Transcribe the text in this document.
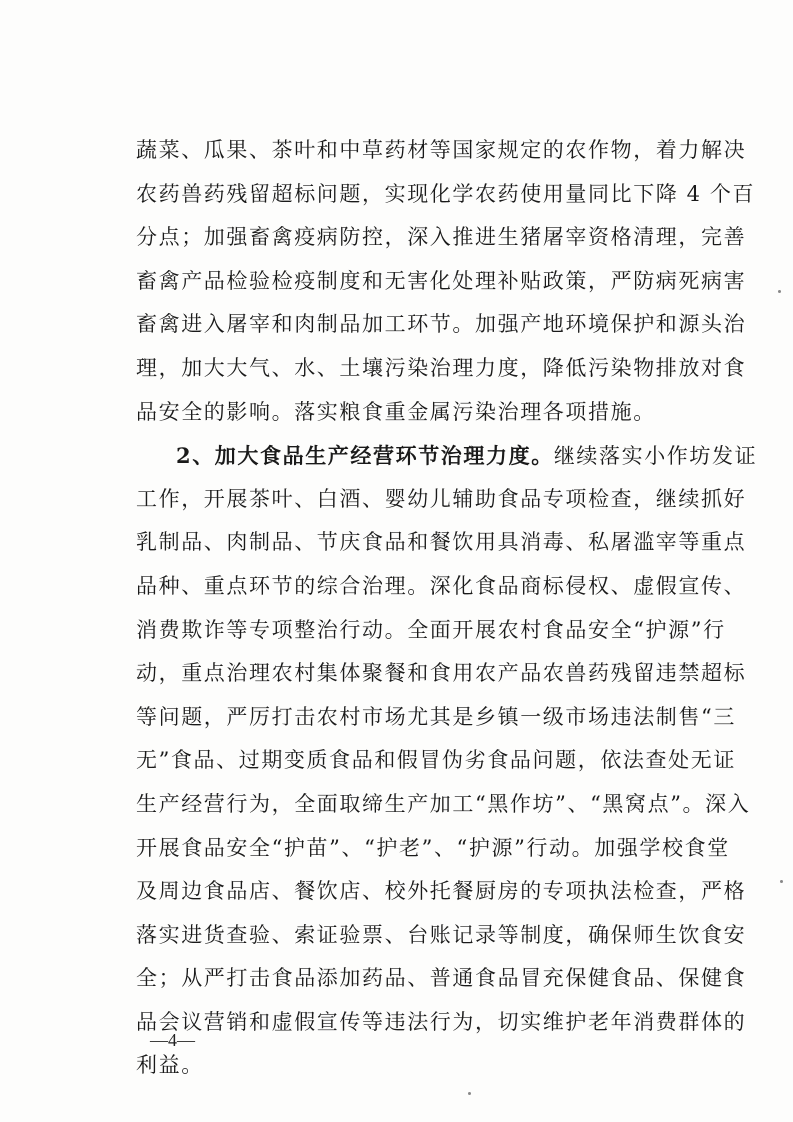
蔬菜、瓜果、茶叶和中草药材等国家规定的农作物，着力解决
农药兽药残留超标问题，实现化学农药使用量同比下降 4 个百
分点；加强畜禽疫病防控，深入推进生猪屠宰资格清理，完善
畜禽产品检验检疫制度和无害化处理补贴政策，严防病死病害
畜禽进入屠宰和肉制品加工环节。加强产地环境保护和源头治
理，加大大气、水、土壤污染治理力度，降低污染物排放对食
品安全的影响。落实粮食重金属污染治理各项措施。
2、加大食品生产经营环节治理力度。继续落实小作坊发证
工作，开展茶叶、白酒、婴幼儿辅助食品专项检查，继续抓好
乳制品、肉制品、节庆食品和餐饮用具消毒、私屠滥宰等重点
品种、重点环节的综合治理。深化食品商标侵权、虚假宣传、
消费欺诈等专项整治行动。全面开展农村食品安全“护源”行
动，重点治理农村集体聚餐和食用农产品农兽药残留违禁超标
等问题，严厉打击农村市场尤其是乡镇一级市场违法制售“三
无”食品、过期变质食品和假冒伪劣食品问题，依法查处无证
生产经营行为，全面取缔生产加工“黑作坊”、“黑窝点”。深入
开展食品安全“护苗”、“护老”、“护源”行动。加强学校食堂
及周边食品店、餐饮店、校外托餐厨房的专项执法检查，严格
落实进货查验、索证验票、台账记录等制度，确保师生饮食安
全；从严打击食品添加药品、普通食品冒充保健食品、保健食
品会议营销和虚假宣传等违法行为，切实维护老年消费群体的
利益。
—4—
